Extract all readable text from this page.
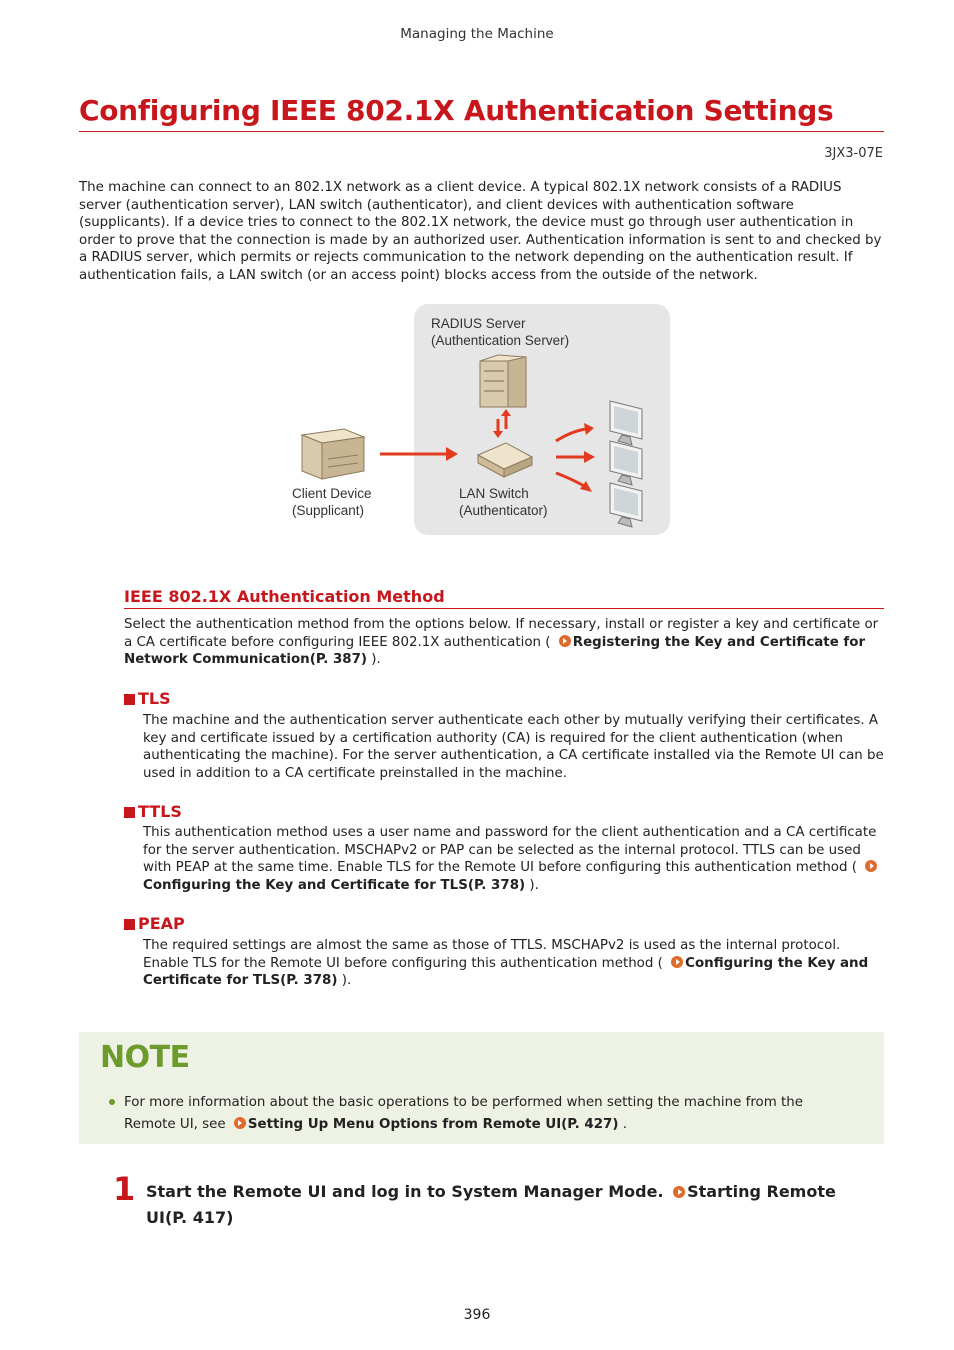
Managing the Machine
Configuring IEEE 802.1X Authentication Settings
3JX3-07E

The machine can connect to an 802.1X network as a client device. A typical 802.1X network consists of a RADIUS server (authentication server), LAN switch (authenticator), and client devices with authentication software (supplicants). If a device tries to connect to the 802.1X network, the device must go through user authentication in order to prove that the connection is made by an authorized user. Authentication information is sent to and checked by a RADIUS server, which permits or rejects communication to the network depending on the authentication result. If authentication fails, a LAN switch (or an access point) blocks access from the outside of the network.

RADIUS Server
(Authentication Server)
Client Device
(Supplicant)
LAN Switch
(Authenticator)
IEEE 802.1X Authentication Method

Select the authentication method from the options below. If necessary, install or register a key and certificate or a CA certificate before configuring IEEE 802.1X authentication ( Registering the Key and Certificate for Network Communication(P. 387) ).

TLS

The machine and the authentication server authenticate each other by mutually verifying their certificates. A key and certificate issued by a certification authority (CA) is required for the client authentication (when authenticating the machine). For the server authentication, a CA certificate installed via the Remote UI can be used in addition to a CA certificate preinstalled in the machine.

TTLS

This authentication method uses a user name and password for the client authentication and a CA certificate for the server authentication. MSCHAPv2 or PAP can be selected as the internal protocol. TTLS can be used with PEAP at the same time. Enable TLS for the Remote UI before configuring this authentication method ( Configuring the Key and Certificate for TLS(P. 378) ).

PEAP

The required settings are almost the same as those of TTLS. MSCHAPv2 is used as the internal protocol. Enable TLS for the Remote UI before configuring this authentication method ( Configuring the Key and Certificate for TLS(P. 378) ).

NOTE
For more information about the basic operations to be performed when setting the machine from the Remote UI, see Setting Up Menu Options from Remote UI(P. 427) .
1 Start the Remote UI and log in to System Manager Mode. Starting Remote UI(P. 417)
396
